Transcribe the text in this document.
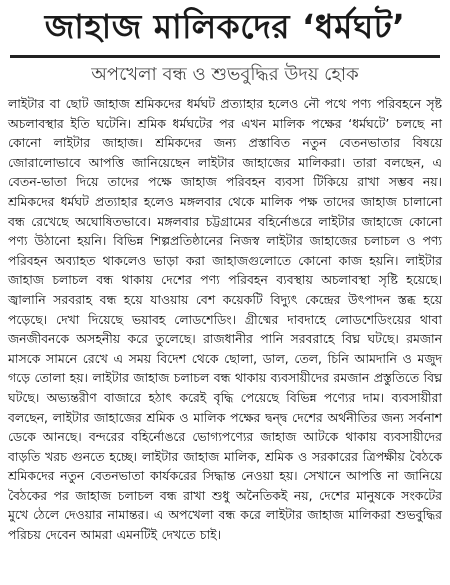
জাহাজ মালিকদের ‘ধর্মঘট’
অপখেলা বন্ধ ও শুভবুদ্ধির উদয় হোক

লাইটার বা ছোট জাহাজ শ্রমিকদের ধর্মঘট প্রত্যাহার হলেও নৌ পথে পণ্য পরিবহনে সৃষ্ট অচলাবস্থার ইতি ঘটেনি। শ্রমিক ধর্মঘটের পর এখন মালিক পক্ষের ‘ধর্মঘটে’ চলছে না কোনো লাইটার জাহাজ। শ্রমিকদের জন্য প্রস্তাবিত নতুন বেতনভাতার বিষয়ে জোরালোভাবে আপত্তি জানিয়েছেন লাইটার জাহাজের মালিকরা। তারা বলছেন, এ বেতন-ভাতা দিয়ে তাদের পক্ষে জাহাজ পরিবহন ব্যবসা টিকিয়ে রাখা সম্ভব নয়। শ্রমিকদের ধর্মঘট প্রত্যাহার হলেও মঙ্গলবার থেকে মালিক পক্ষ তাদের জাহাজ চালানো বন্ধ রেখেছে অঘোষিতভাবে। মঙ্গলবার চট্টগ্রামের বহির্নোঙরে লাইটার জাহাজে কোনো পণ্য উঠানো হয়নি। বিভিন্ন শিল্পপ্রতিষ্ঠানের নিজস্ব লাইটার জাহাজের চলাচল ও পণ্য পরিবহন অব্যাহত থাকলেও ভাড়া করা জাহাজগুলোতে কোনো কাজ হয়নি। লাইটার জাহাজ চলাচল বন্ধ থাকায় দেশের পণ্য পরিবহন ব্যবস্থায় অচলাবস্থা সৃষ্টি হয়েছে। জ্বালানি সরবরাহ বন্ধ হয়ে যাওয়ায় বেশ কয়েকটি বিদ্যুৎ কেন্দ্রের উৎপাদন স্তব্ধ হয়ে পড়েছে। দেখা দিয়েছে ভয়াবহ লোডশেডিং। গ্রীষ্মের দাবদাহে লোডশেডিংয়ের থাবা জনজীবনকে অসহনীয় করে তুলেছে। রাজধানীর পানি সরবরাহে বিঘ্ন ঘটছে। রমজান মাসকে সামনে রেখে এ সময় বিদেশ থেকে ছোলা, ডাল, তেল, চিনি আমদানি ও মজুদ গড়ে তোলা হয়। লাইটার জাহাজ চলাচল বন্ধ থাকায় ব্যবসায়ীদের রমজান প্রস্তুতিতে বিঘ্ন ঘটছে। অভ্যন্তরীণ বাজারে হঠাৎ করেই বৃদ্ধি পেয়েছে বিভিন্ন পণ্যের দাম। ব্যবসায়ীরা বলছেন, লাইটার জাহাজের শ্রমিক ও মালিক পক্ষের দ্বন্দ্ব দেশের অর্থনীতির জন্য সর্বনাশ ডেকে আনছে। বন্দরের বহির্নোঙরে ভোগ্যপণ্যের জাহাজ আটকে থাকায় ব্যবসায়ীদের বাড়তি খরচ গুনতে হচ্ছে। লাইটার জাহাজ মালিক, শ্রমিক ও সরকারের ত্রিপক্ষীয় বৈঠকে শ্রমিকদের নতুন বেতনভাতা কার্যকরের সিদ্ধান্ত নেওয়া হয়। সেখানে আপত্তি না জানিয়ে বৈঠকের পর জাহাজ চলাচল বন্ধ রাখা শুধু অনৈতিকই নয়, দেশের মানুষকে সংকটের মুখে ঠেলে দেওয়ার নামান্তর। এ অপখেলা বন্ধ করে লাইটার জাহাজ মালিকরা শুভবুদ্ধির পরিচয় দেবেন আমরা এমনটিই দেখতে চাই।
